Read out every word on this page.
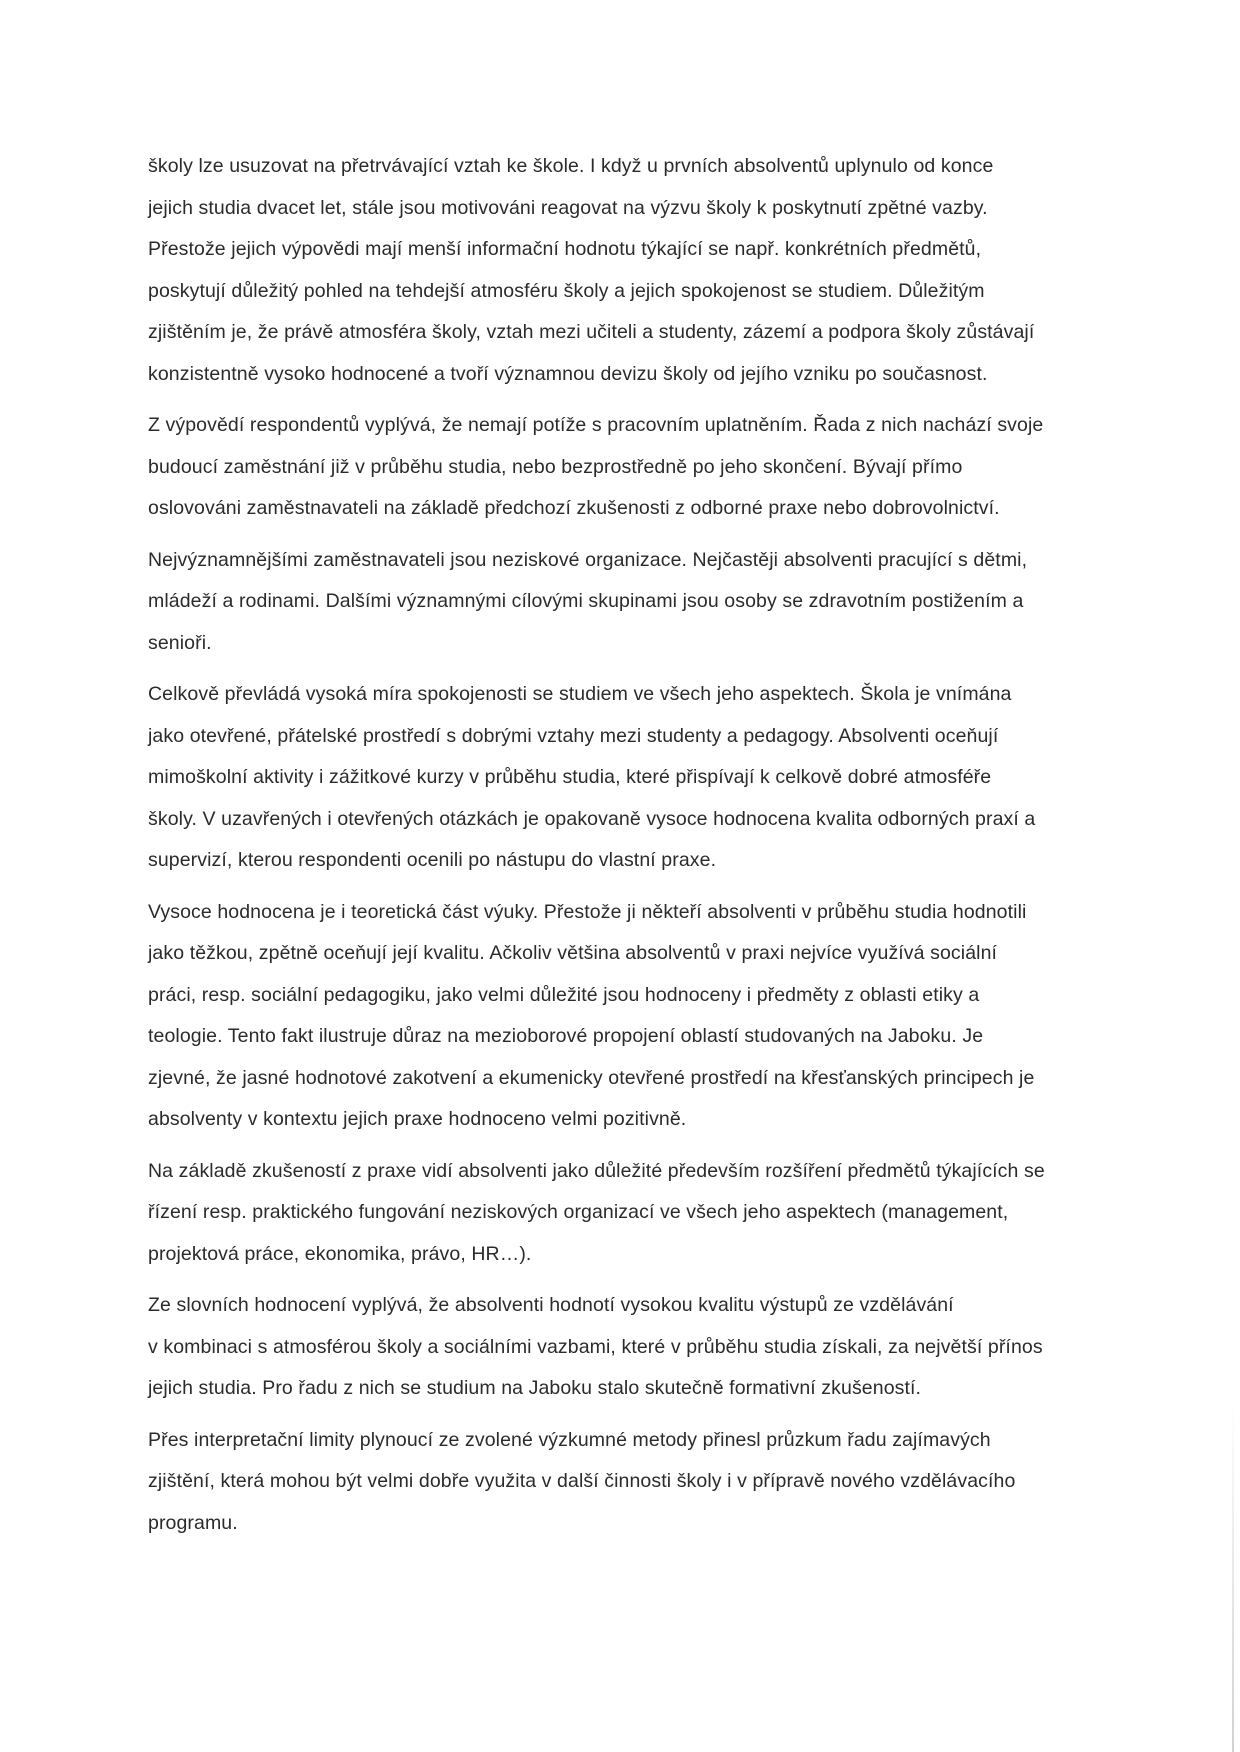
školy lze usuzovat na přetrvávající vztah ke škole. I když u prvních absolventů uplynulo od konce
jejich studia dvacet let, stále jsou motivováni reagovat na výzvu školy k poskytnutí zpětné vazby.
Přestože jejich výpovědi mají menší informační hodnotu týkající se např. konkrétních předmětů,
poskytují důležitý pohled na tehdejší atmosféru školy a jejich spokojenost se studiem. Důležitým
zjištěním je, že právě atmosféra školy, vztah mezi učiteli a studenty, zázemí a podpora školy zůstávají
konzistentně vysoko hodnocené a tvoří významnou devizu školy od jejího vzniku po současnost.

Z výpovědí respondentů vyplývá, že nemají potíže s pracovním uplatněním. Řada z nich nachází svoje
budoucí zaměstnání již v průběhu studia, nebo bezprostředně po jeho skončení. Bývají přímo
oslovováni zaměstnavateli na základě předchozí zkušenosti z odborné praxe nebo dobrovolnictví.

Nejvýznamnějšími zaměstnavateli jsou neziskové organizace. Nejčastěji absolventi pracující s dětmi,
mládeží a rodinami. Dalšími významnými cílovými skupinami jsou osoby se zdravotním postižením a
senioři.

Celkově převládá vysoká míra spokojenosti se studiem ve všech jeho aspektech. Škola je vnímána
jako otevřené, přátelské prostředí s dobrými vztahy mezi studenty a pedagogy. Absolventi oceňují
mimoškolní aktivity i zážitkové kurzy v průběhu studia, které přispívají k celkově dobré atmosféře
školy. V uzavřených i otevřených otázkách je opakovaně vysoce hodnocena kvalita odborných praxí a
supervizí, kterou respondenti ocenili po nástupu do vlastní praxe.

Vysoce hodnocena je i teoretická část výuky. Přestože ji někteří absolventi v průběhu studia hodnotili
jako těžkou, zpětně oceňují její kvalitu. Ačkoliv většina absolventů v praxi nejvíce využívá sociální
práci, resp. sociální pedagogiku, jako velmi důležité jsou hodnoceny i předměty z oblasti etiky a
teologie. Tento fakt ilustruje důraz na mezioborové propojení oblastí studovaných na Jaboku. Je
zjevné, že jasné hodnotové zakotvení a ekumenicky otevřené prostředí na křesťanských principech je
absolventy v kontextu jejich praxe hodnoceno velmi pozitivně.

Na základě zkušeností z praxe vidí absolventi jako důležité především rozšíření předmětů týkajících se
řízení resp. praktického fungování neziskových organizací ve všech jeho aspektech (management,
projektová práce, ekonomika, právo, HR…).

Ze slovních hodnocení vyplývá, že absolventi hodnotí vysokou kvalitu výstupů ze vzdělávání
v kombinaci s atmosférou školy a sociálními vazbami, které v průběhu studia získali, za největší přínos
jejich studia. Pro řadu z nich se studium na Jaboku stalo skutečně formativní zkušeností.

Přes interpretační limity plynoucí ze zvolené výzkumné metody přinesl průzkum řadu zajímavých
zjištění, která mohou být velmi dobře využita v další činnosti školy i v přípravě nového vzdělávacího
programu.
